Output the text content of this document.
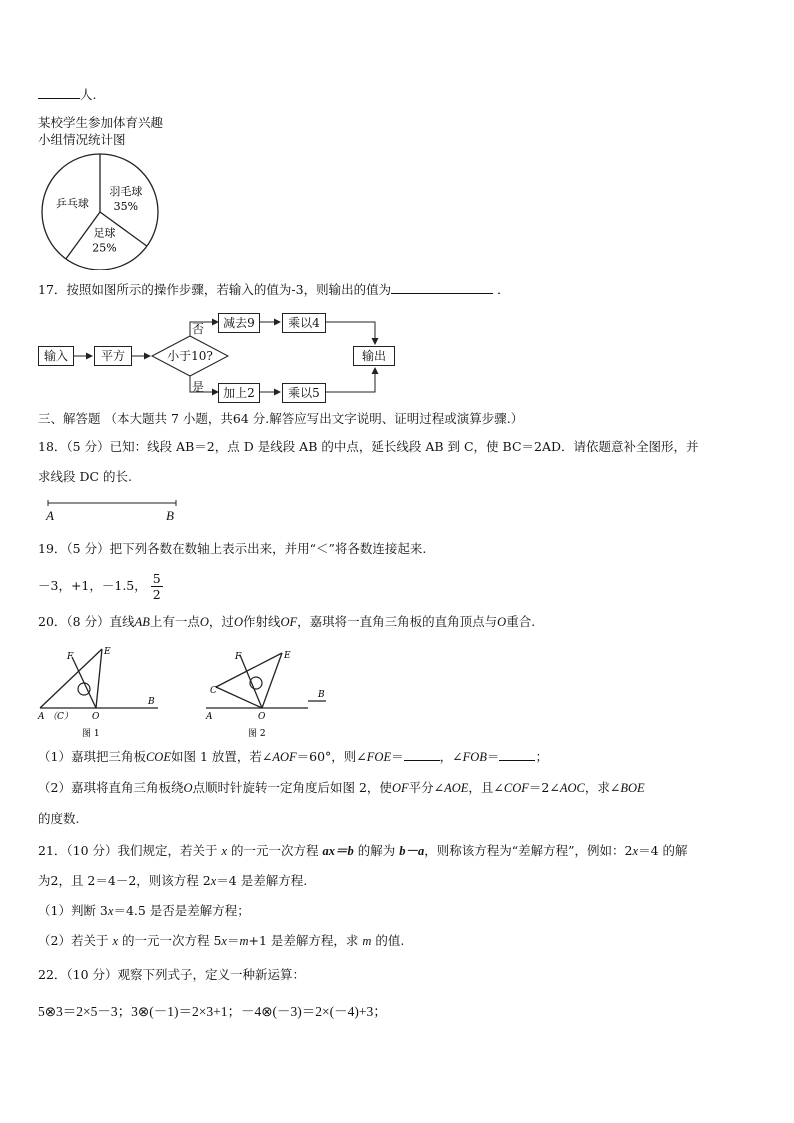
人.
某校学生参加体育兴趣
小组情况统计图
羽毛球
35%
足球
25%
乒乓球
17．按照如图所示的操作步骤，若输入的值为-3，则输出的值为	．
输入	平方	小于10?
否
是
减去9	乘以4
加上2	乘以5
输出
三、解答题 （本大题共 7 小题，共64 分.解答应写出文字说明、证明过程或演算步骤.）
18．（5 分）已知：线段 AB＝2，点 D 是线段 AB 的中点，延长线段 AB 到 C，使 BC＝2AD．请依题意补全图形，并
求线段 DC 的长.
A	B
19．（5 分）把下列各数在数轴上表示出来，并用“＜”将各数连接起来.
－3，+1，－1.5， $\frac{5}{2}$
20．（8 分）直线AB上有一点O，过O作射线OF，嘉琪将一直角三角板的直角顶点与O重合.
F	E
A （C） O
B
图 1
F	E
C
A	O
B
图 2
（1）嘉琪把三角板COE如图 1 放置，若∠AOF＝60°，则∠FOE＝	，∠FOB＝	；
（2）嘉琪将直角三角板绕O点顺时针旋转一定角度后如图 2，使OF平分∠AOE，且∠COF＝2∠AOC，求∠BOE
的度数.
21．（10 分）我们规定，若关于 x 的一元一次方程 ax＝b 的解为 b－a，则称该方程为“差解方程”，例如：2x＝4 的解
为2，且 2＝4－2，则该方程 2x＝4 是差解方程.
（1）判断 3x＝4.5 是否是差解方程；
（2）若关于 x 的一元一次方程 5x＝m+1 是差解方程，求 m 的值.
22．（10 分）观察下列式子，定义一种新运算：
5⊗3＝2×5－3；3⊗(－1)＝2×3+1；－4⊗(－3)＝2×(－4)+3；
